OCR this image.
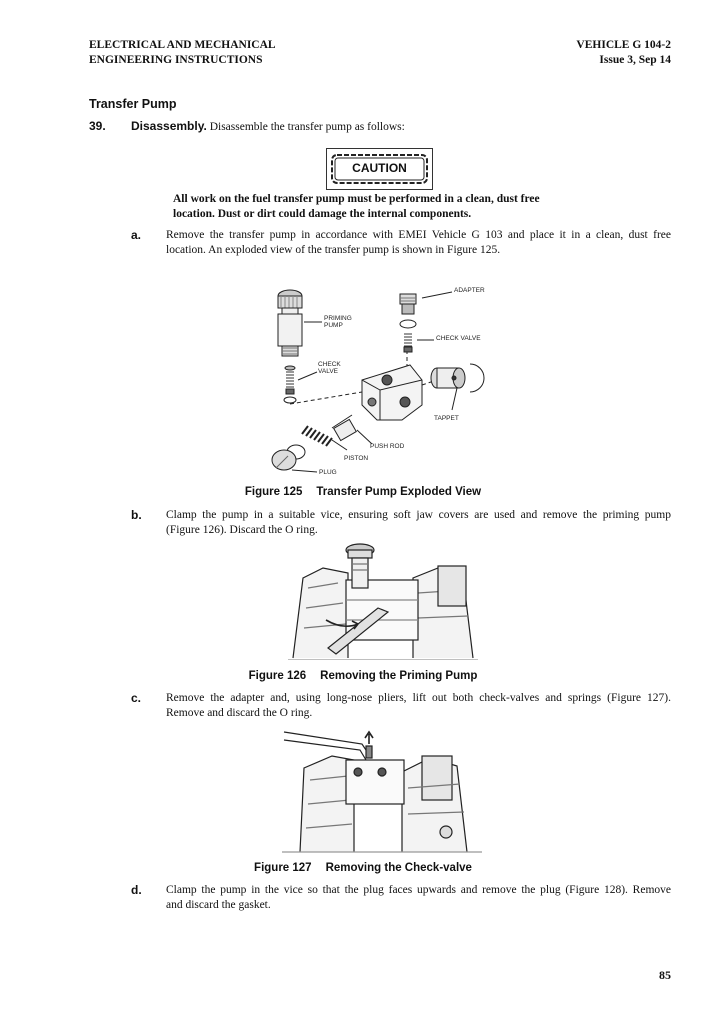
ELECTRICAL AND MECHANICAL
ENGINEERING INSTRUCTIONS
VEHICLE G 104-2
Issue 3, Sep 14
Transfer Pump
39. Disassembly. Disassemble the transfer pump as follows:
CAUTION
All work on the fuel transfer pump must be performed in a clean, dust free
location. Dust or dirt could damage the internal components.
a. Remove the transfer pump in accordance with EMEI Vehicle G 103 and place it in a clean, dust free
location. An exploded view of the transfer pump is shown in Figure 125.
ADAPTER
PRIMING
PUMP
CHECK VALVE
CHECK
VALVE
TAPPET
PUSH ROD
PISTON
PLUG
Figure 125 Transfer Pump Exploded View
b. Clamp the pump in a suitable vice, ensuring soft jaw covers are used and remove the priming pump
(Figure 126). Discard the O ring.
Figure 126 Removing the Priming Pump
c. Remove the adapter and, using long-nose pliers, lift out both check-valves and springs (Figure 127).
Remove and discard the O ring.
Figure 127 Removing the Check-valve
d. Clamp the pump in the vice so that the plug faces upwards and remove the plug (Figure 128). Remove
and discard the gasket.
85
